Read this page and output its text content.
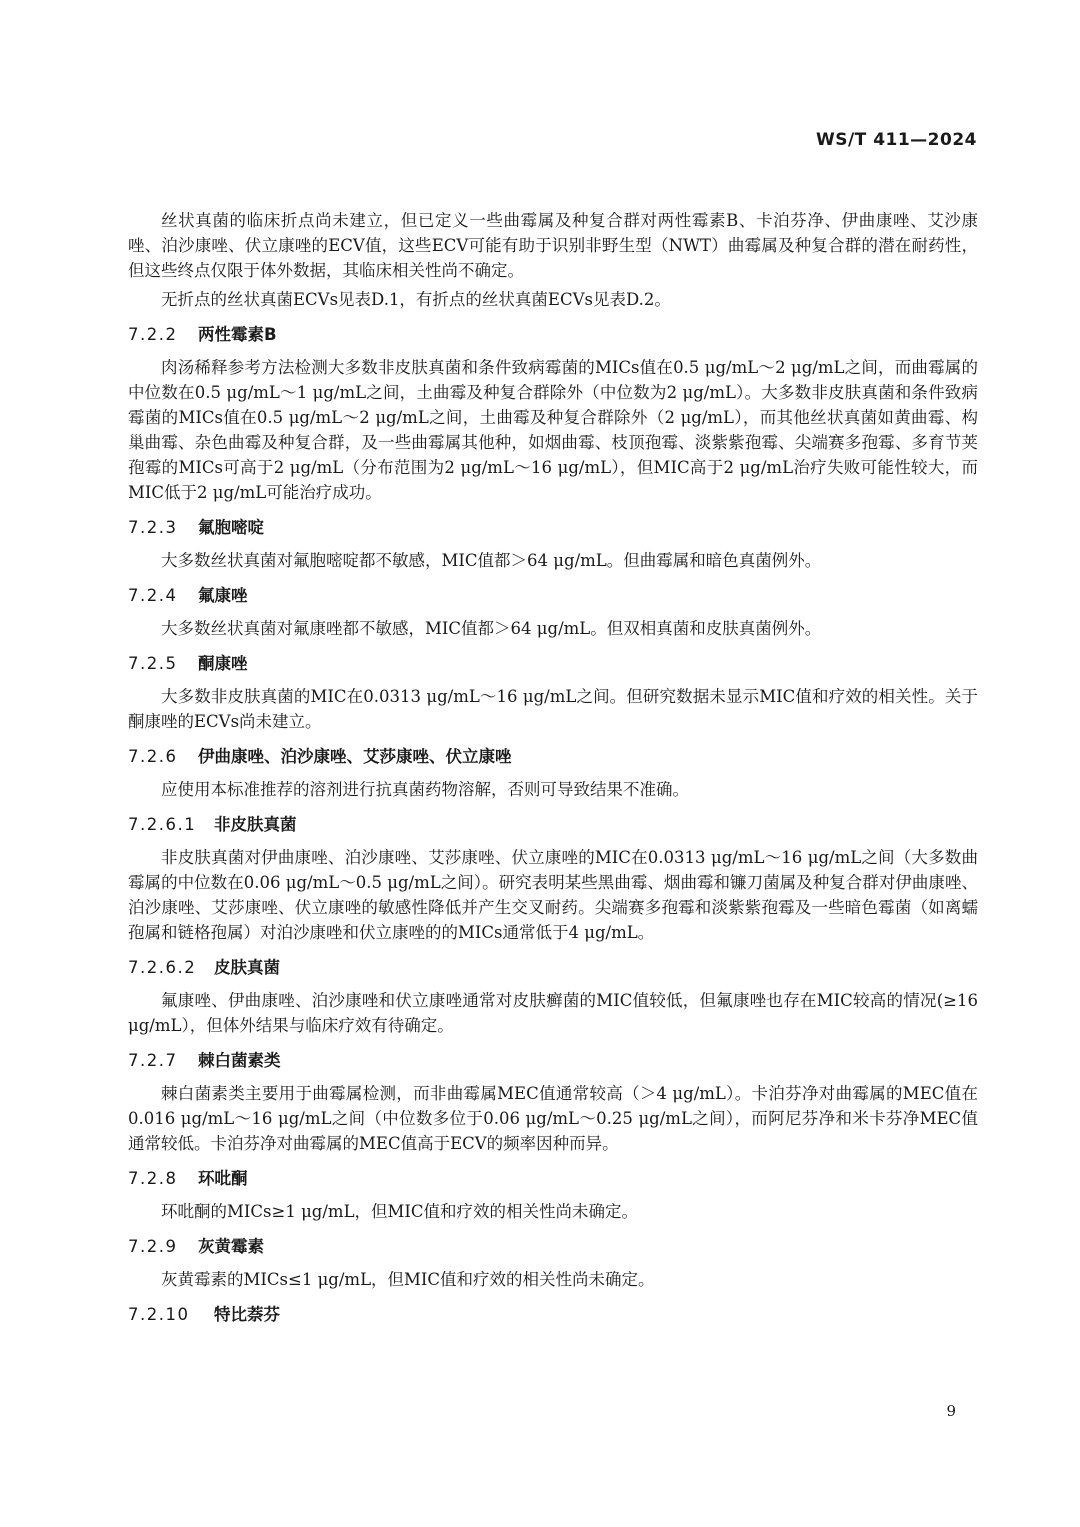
WS/T 411—2024

丝状真菌的临床折点尚未建立，但已定义一些曲霉属及种复合群对两性霉素B、卡泊芬净、伊曲康唑、艾沙康唑、泊沙康唑、伏立康唑的ECV值，这些ECV可能有助于识别非野生型（NWT）曲霉属及种复合群的潜在耐药性，但这些终点仅限于体外数据，其临床相关性尚不确定。

无折点的丝状真菌ECVs见表D.1，有折点的丝状真菌ECVs见表D.2。

7.2.2	两性霉素B

肉汤稀释参考方法检测大多数非皮肤真菌和条件致病霉菌的MICs值在0.5 μg/mL～2 μg/mL之间，而曲霉属的中位数在0.5 μg/mL～1 μg/mL之间，土曲霉及种复合群除外（中位数为2 μg/mL）。大多数非皮肤真菌和条件致病霉菌的MICs值在0.5 μg/mL～2 μg/mL之间，土曲霉及种复合群除外（2 μg/mL），而其他丝状真菌如黄曲霉、构巢曲霉、杂色曲霉及种复合群，及一些曲霉属其他种，如烟曲霉、枝顶孢霉、淡紫紫孢霉、尖端赛多孢霉、多育节荚孢霉的MICs可高于2 μg/mL（分布范围为2 μg/mL～16 μg/mL），但MIC高于2 μg/mL治疗失败可能性较大，而MIC低于2 μg/mL可能治疗成功。

7.2.3	氟胞嘧啶

大多数丝状真菌对氟胞嘧啶都不敏感，MIC值都＞64 μg/mL。但曲霉属和暗色真菌例外。

7.2.4	氟康唑

大多数丝状真菌对氟康唑都不敏感，MIC值都＞64 μg/mL。但双相真菌和皮肤真菌例外。

7.2.5	酮康唑

大多数非皮肤真菌的MIC在0.0313 μg/mL～16 μg/mL之间。但研究数据未显示MIC值和疗效的相关性。关于酮康唑的ECVs尚未建立。

7.2.6	伊曲康唑、泊沙康唑、艾莎康唑、伏立康唑

应使用本标准推荐的溶剂进行抗真菌药物溶解，否则可导致结果不准确。

7.2.6.1	非皮肤真菌

非皮肤真菌对伊曲康唑、泊沙康唑、艾莎康唑、伏立康唑的MIC在0.0313 μg/mL～16 μg/mL之间（大多数曲霉属的中位数在0.06 μg/mL～0.5 μg/mL之间）。研究表明某些黑曲霉、烟曲霉和镰刀菌属及种复合群对伊曲康唑、泊沙康唑、艾莎康唑、伏立康唑的敏感性降低并产生交叉耐药。尖端赛多孢霉和淡紫紫孢霉及一些暗色霉菌（如离蠕孢属和链格孢属）对泊沙康唑和伏立康唑的的MICs通常低于4 μg/mL。

7.2.6.2	皮肤真菌

氟康唑、伊曲康唑、泊沙康唑和伏立康唑通常对皮肤癣菌的MIC值较低，但氟康唑也存在MIC较高的情况(≥16 μg/mL），但体外结果与临床疗效有待确定。

7.2.7	棘白菌素类

棘白菌素类主要用于曲霉属检测，而非曲霉属MEC值通常较高（＞4 μg/mL）。卡泊芬净对曲霉属的MEC值在0.016 μg/mL～16 μg/mL之间（中位数多位于0.06 μg/mL～0.25 μg/mL之间），而阿尼芬净和米卡芬净MEC值通常较低。卡泊芬净对曲霉属的MEC值高于ECV的频率因种而异。

7.2.8	环吡酮

环吡酮的MICs≥1 μg/mL，但MIC值和疗效的相关性尚未确定。

7.2.9	灰黄霉素

灰黄霉素的MICs≤1 μg/mL，但MIC值和疗效的相关性尚未确定。

7.2.10	特比萘芬
9
